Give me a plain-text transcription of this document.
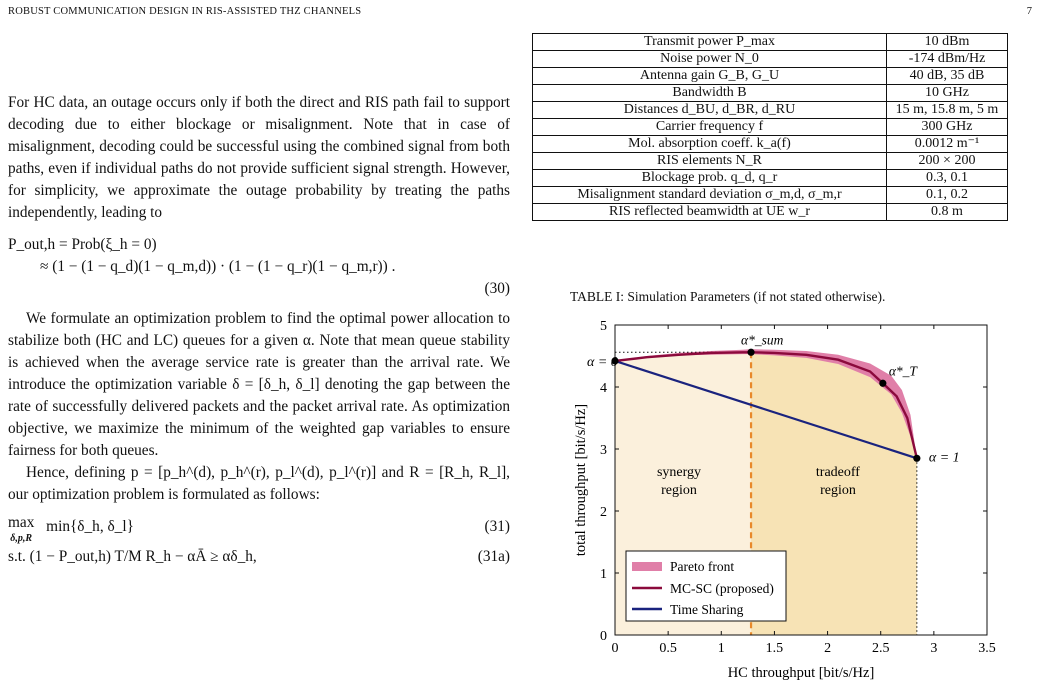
ROBUST COMMUNICATION DESIGN IN RIS-ASSISTED THZ CHANNELS	7

For HC data, an outage occurs only if both the direct and RIS path fail to support decoding due to either blockage or misalignment. Note that in case of misalignment, decoding could be successful using the combined signal from both paths, even if individual paths do not provide sufficient signal strength. However, for simplicity, we approximate the outage probability by treating the paths independently, leading to

P_out,h = Prob(ξ_h = 0)
≈ (1 − (1 − q_d)(1 − q_m,d)) · (1 − (1 − q_r)(1 − q_m,r)) .
(30)

We formulate an optimization problem to find the optimal power allocation to stabilize both (HC and LC) queues for a given α. Note that mean queue stability is achieved when the average service rate is greater than the arrival rate. We introduce the optimization variable δ = [δ_h, δ_l] denoting the gap between the rate of successfully delivered packets and the packet arrival rate. As optimization objective, we maximize the minimum of the weighted gap variables to ensure fairness for both queues.

Hence, defining p = [p_h^(d), p_h^(r), p_l^(d), p_l^(r)] and R = [R_h, R_l], our optimization problem is formulated as follows:

max
δ,p,R min{δ_h, δ_l}	(31)
s.t. (1 − P_out,h) T/M R_h − αĀ ≥ αδ_h,	(31a)
Transmit power P_max	10 dBm
Noise power N_0	-174 dBm/Hz
Antenna gain G_B, G_U	40 dB, 35 dB
Bandwidth B	10 GHz
Distances d_BU, d_BR, d_RU	15 m, 15.8 m, 5 m
Carrier frequency f	300 GHz
Mol. absorption coeff. k_a(f)	0.0012 m⁻¹
RIS elements N_R	200 × 200
Blockage prob. q_d, q_r	0.3, 0.1
Misalignment standard deviation σ_m,d, σ_m,r	0.1, 0.2
RIS reflected beamwidth at UE w_r	0.8 m
TABLE I: Simulation Parameters (if not stated otherwise).
0	0.5	1	1.5	2	2.5	3	3.5
0
1
2
3
4
5
HC throughput [bit/s/Hz]
total throughput [bit/s/Hz]
α = 0
α*_sum
α*_T
α = 1
synergy
region
tradeoff
region
Pareto front
MC-SC (proposed)
Time Sharing
